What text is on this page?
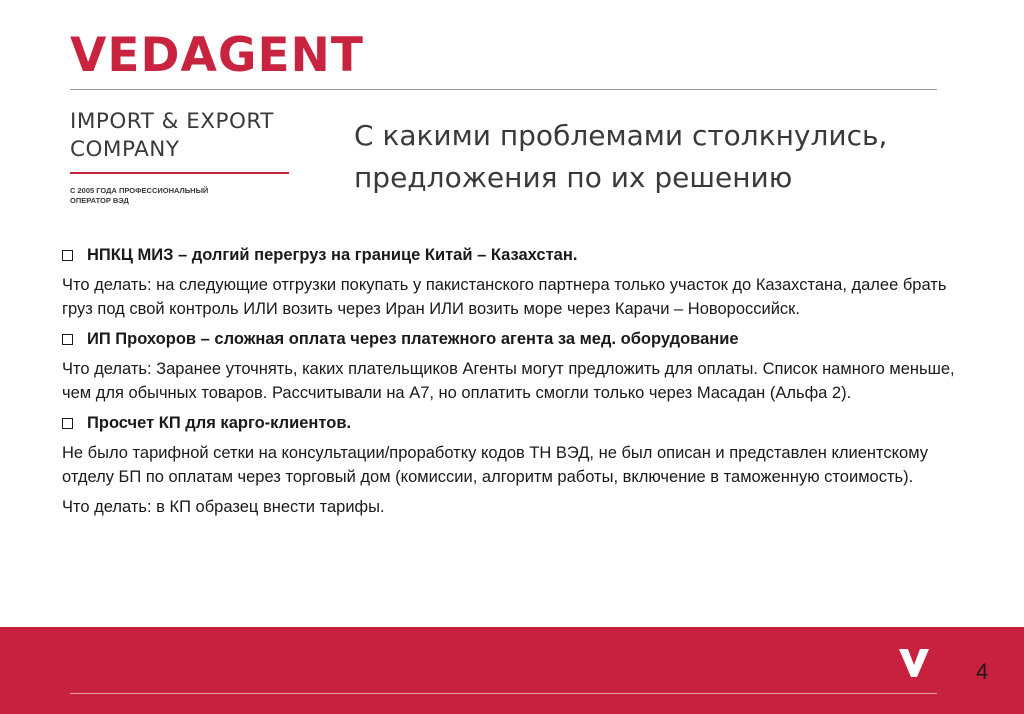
VEDAGENT
IMPORT & EXPORT
COMPANY
С 2005 ГОДА ПРОФЕССИОНАЛЬНЫЙ
ОПЕРАТОР ВЭД
С какими проблемами столкнулись,
предложения по их решению
НПКЦ МИЗ – долгий перегруз на границе Китай – Казахстан.

Что делать: на следующие отгрузки покупать у пакистанского партнера только участок до Казахстана, далее брать груз под свой контроль ИЛИ возить через Иран ИЛИ возить море через Карачи – Новороссийск.

ИП Прохоров – сложная оплата через платежного агента за мед. оборудование

Что делать: Заранее уточнять, каких плательщиков Агенты могут предложить для оплаты. Список намного меньше, чем для обычных товаров. Рассчитывали на А7, но оплатить смогли только через Масадан (Альфа 2).

Просчет КП для карго-клиентов.

Не было тарифной сетки на консультации/проработку кодов ТН ВЭД, не был описан и представлен клиентскому отделу БП по оплатам через торговый дом (комиссии, алгоритм работы, включение в таможенную стоимость).

Что делать: в КП образец внести тарифы.

4
